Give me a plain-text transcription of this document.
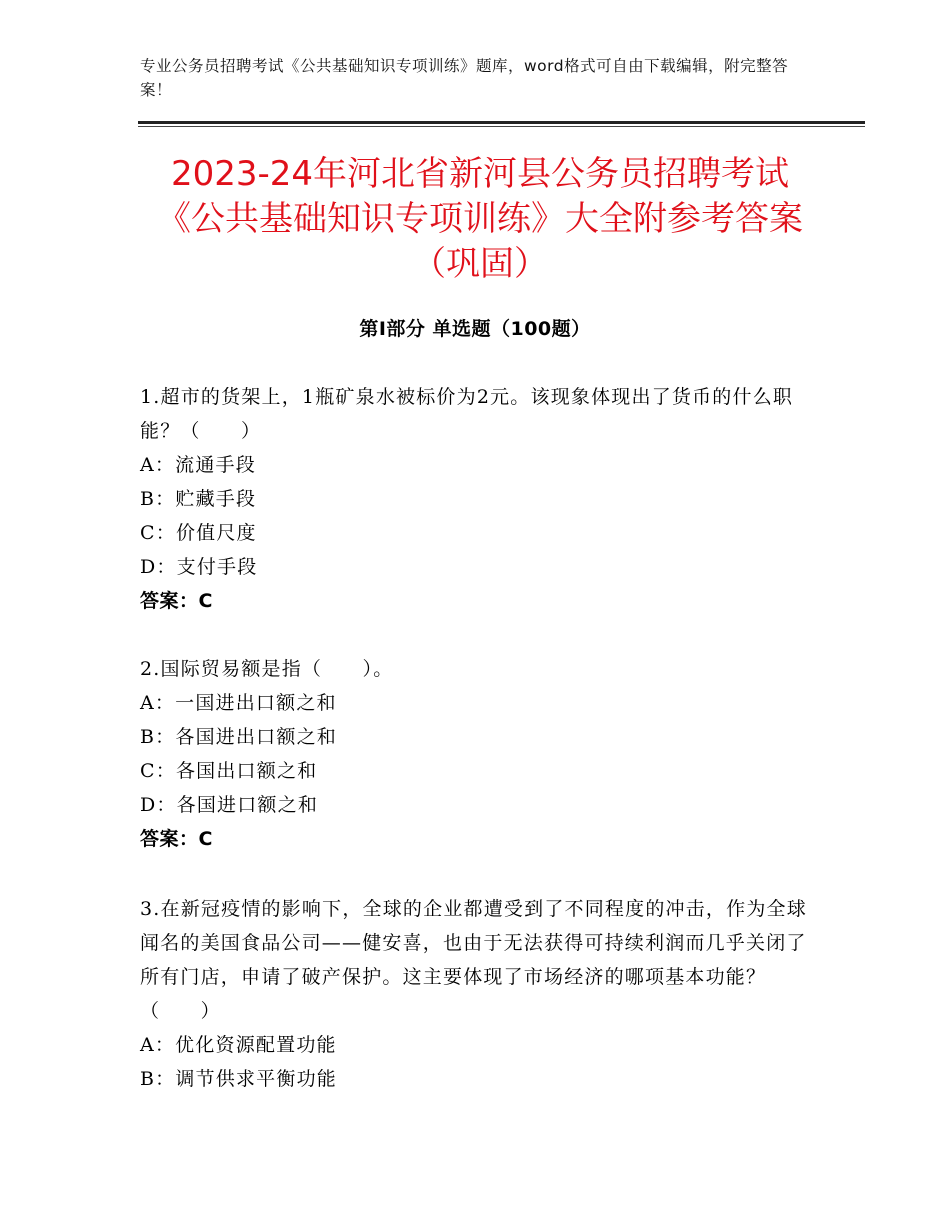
专业公务员招聘考试《公共基础知识专项训练》题库，word格式可自由下载编辑，附完整答案！
2023-24年河北省新河县公务员招聘考试
《公共基础知识专项训练》大全附参考答案
（巩固）
第Ⅰ部分 单选题（100题）
1.超市的货架上，1瓶矿泉水被标价为2元。该现象体现出了货币的什么职能？（　　）
A：流通手段
B：贮藏手段
C：价值尺度
D：支付手段
答案：C
2.国际贸易额是指（　　）。
A：一国进出口额之和
B：各国进出口额之和
C：各国出口额之和
D：各国进口额之和
答案：C
3.在新冠疫情的影响下，全球的企业都遭受到了不同程度的冲击，作为全球闻名的美国食品公司——健安喜，也由于无法获得可持续利润而几乎关闭了所有门店，申请了破产保护。这主要体现了市场经济的哪项基本功能？（　　）
A：优化资源配置功能
B：调节供求平衡功能
